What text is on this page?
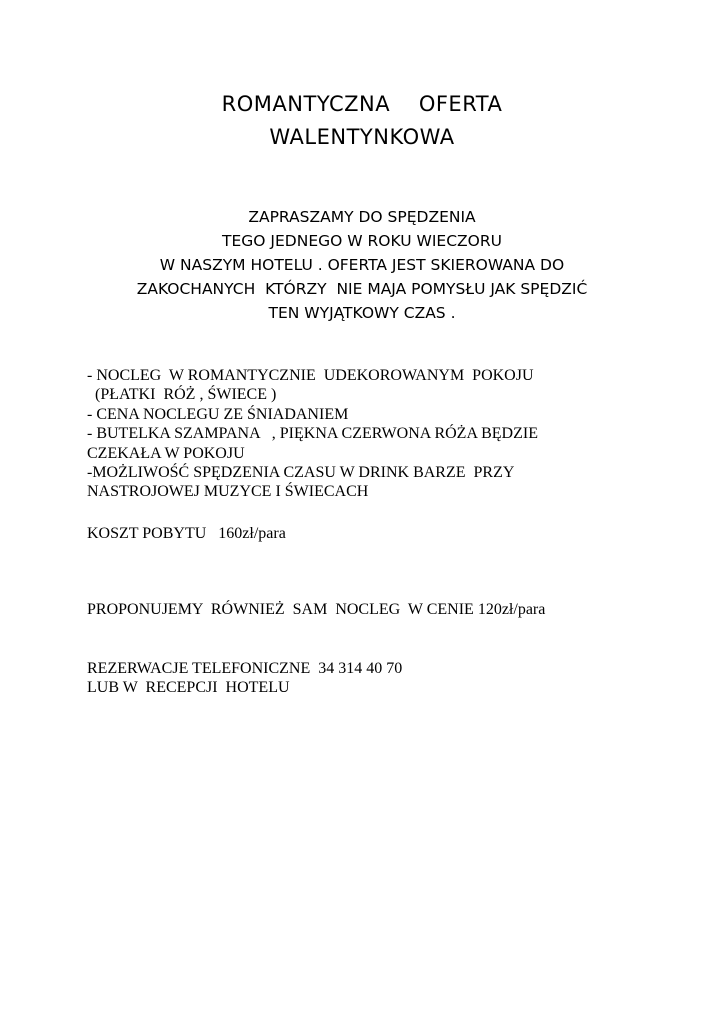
ROMANTYCZNA    OFERTA
WALENTYNKOWA
ZAPRASZAMY DO SPĘDZENIA
TEGO JEDNEGO W ROKU WIECZORU
W NASZYM HOTELU . OFERTA JEST SKIEROWANA DO
ZAKOCHANYCH  KTÓRZY  NIE MAJA POMYSŁU JAK SPĘDZIĆ
TEN WYJĄTKOWY CZAS .
- NOCLEG  W ROMANTYCZNIE  UDEKOROWANYM  POKOJU
(PŁATKI  RÓŻ , ŚWIECE )
- CENA NOCLEGU ZE ŚNIADANIEM
- BUTELKA SZAMPANA   , PIĘKNA CZERWONA RÓŻA BĘDZIE
CZEKAŁA W POKOJU
-MOŻLIWOŚĆ SPĘDZENIA CZASU W DRINK BARZE  PRZY
NASTROJOWEJ MUZYCE I ŚWIECACH
KOSZT POBYTU   160zł/para
PROPONUJEMY  RÓWNIEŻ  SAM  NOCLEG  W CENIE 120zł/para
REZERWACJE TELEFONICZNE  34 314 40 70
LUB W  RECEPCJI  HOTELU
